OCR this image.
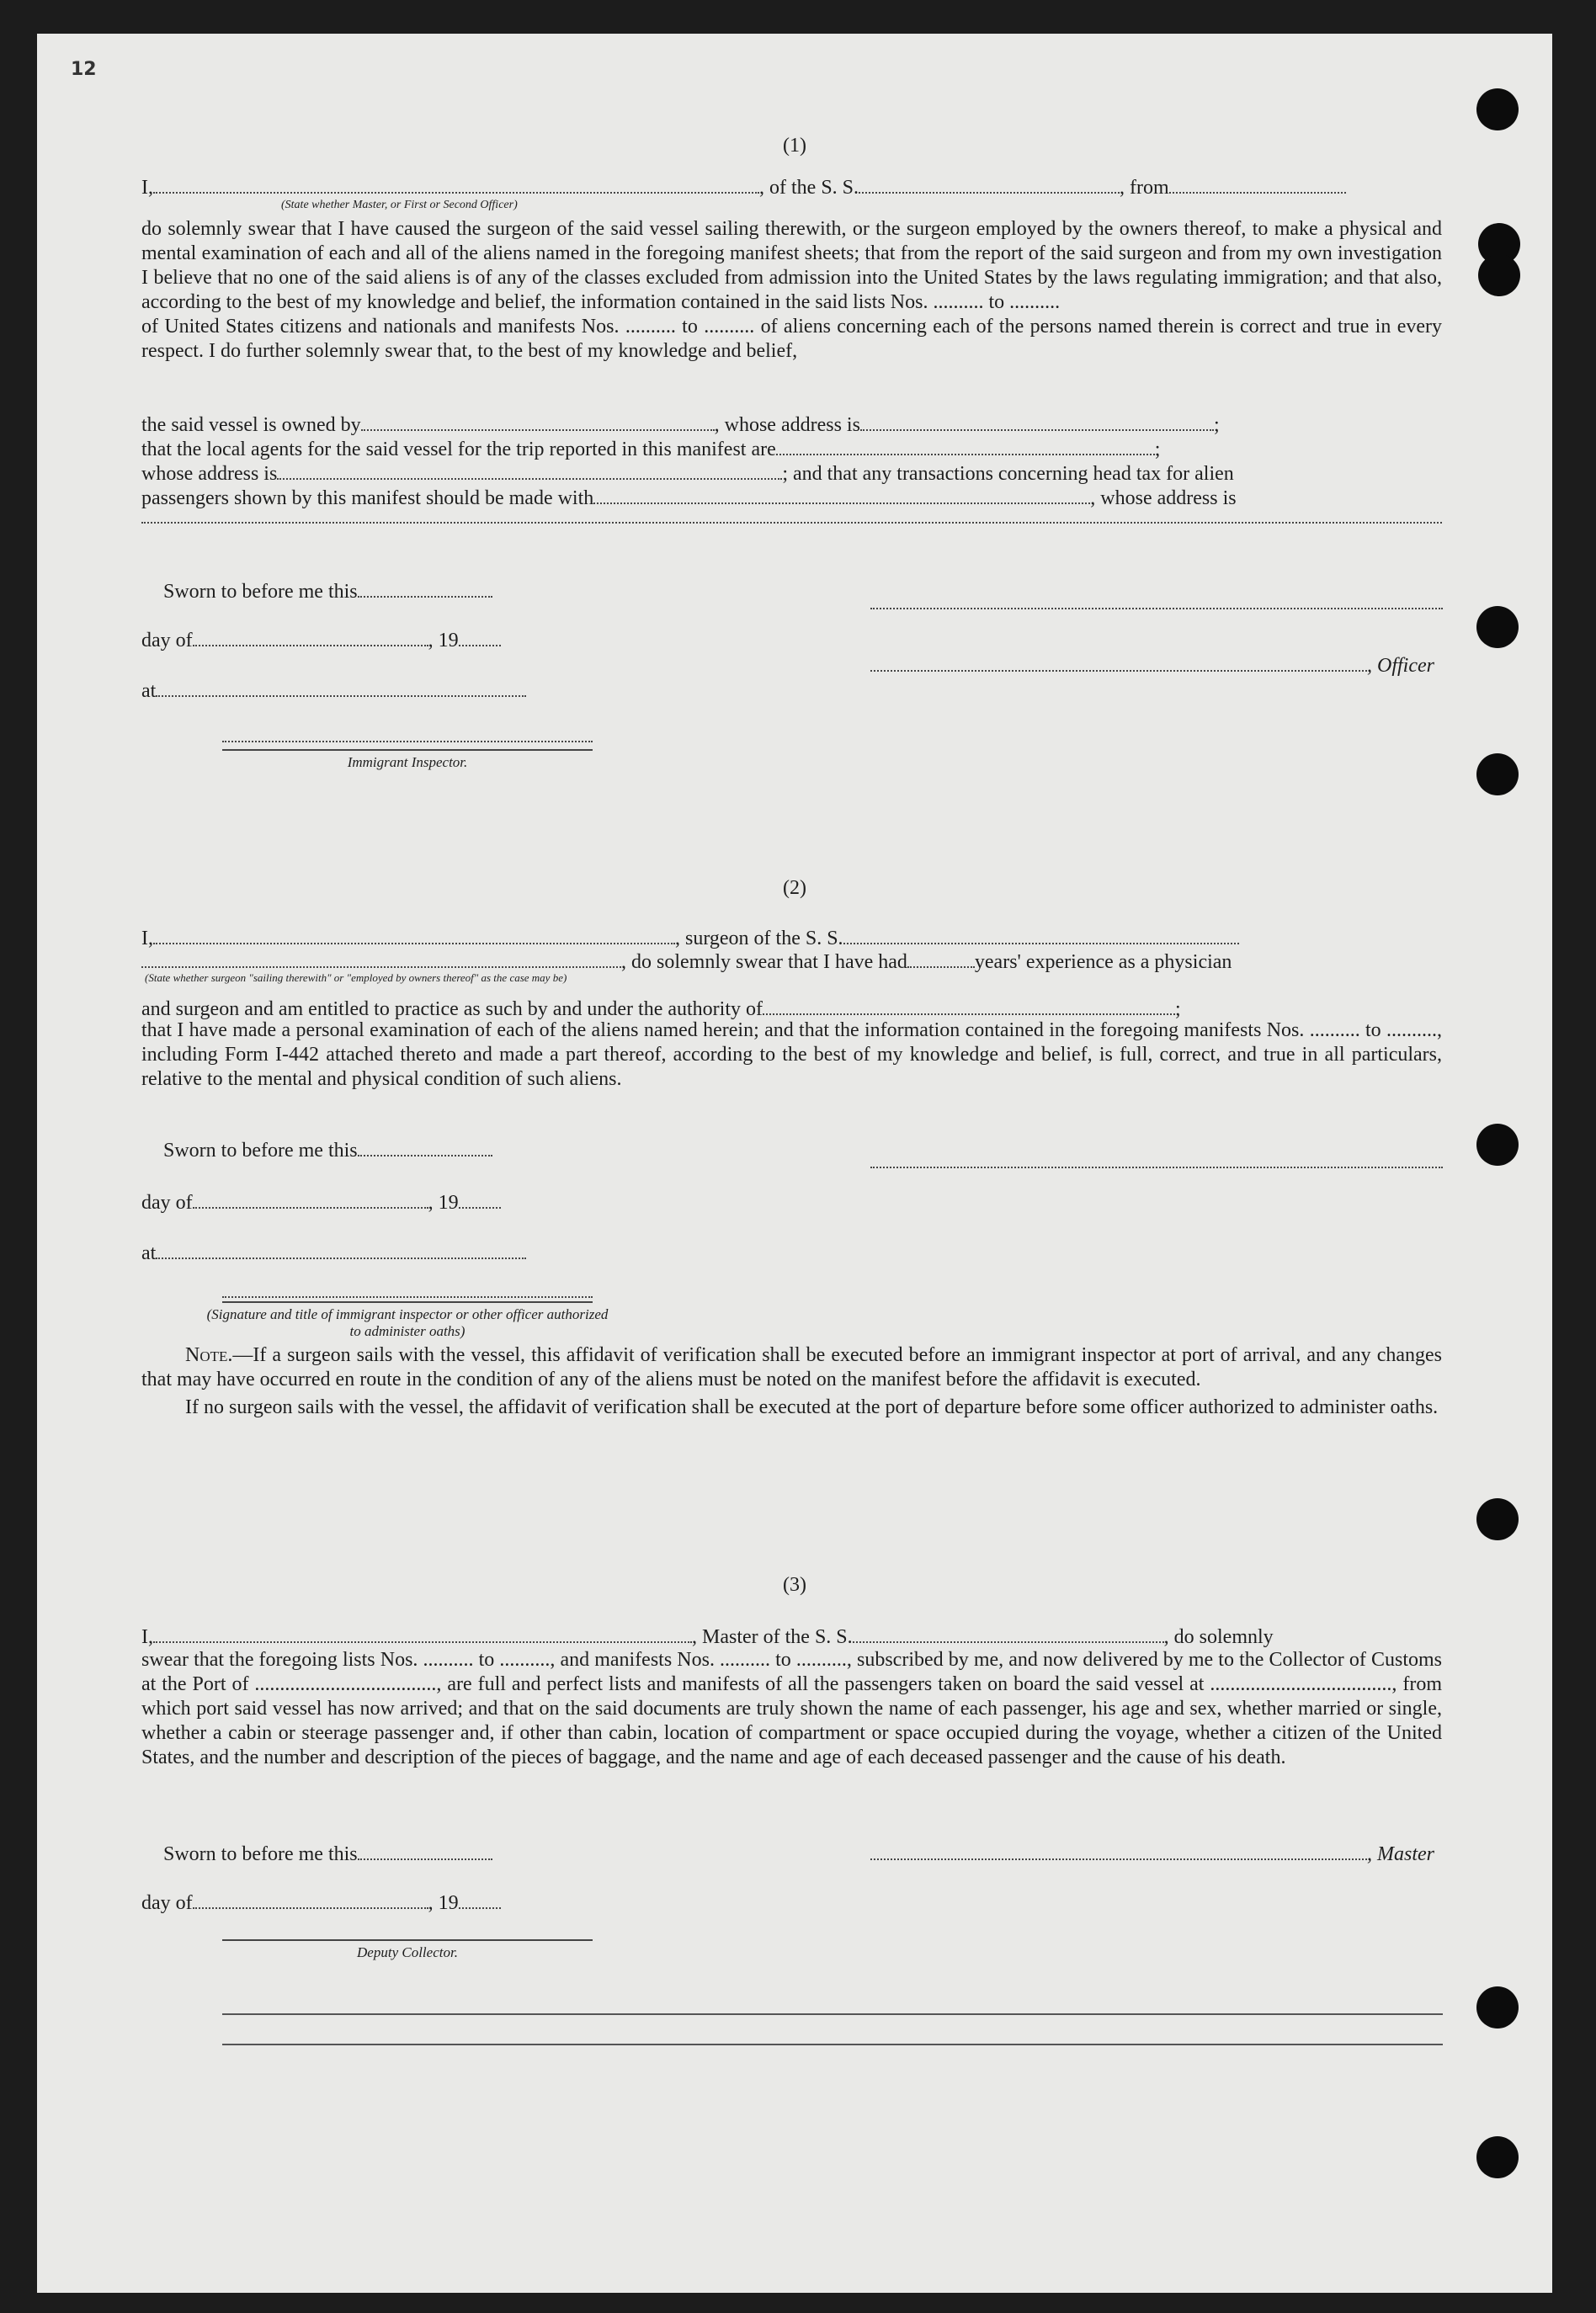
12
(1)
I,	, of the S. S.	, from
(State whether Master, or First or Second Officer)

do solemnly swear that I have caused the surgeon of the said vessel sailing therewith, or the surgeon employed by the owners thereof, to make a physical and mental examination of each and all of the aliens named in the foregoing manifest sheets; that from the report of the said surgeon and from my own investigation I believe that no one of the said aliens is of any of the classes excluded from admission into the United States by the laws regulating immigration; and that also, according to the best of my knowledge and belief, the information contained in the said lists Nos. .......... to ..........

of United States citizens and nationals and manifests Nos. .......... to .......... of aliens concerning each of the persons named therein is correct and true in every respect. I do further solemnly swear that, to the best of my knowledge and belief,

the said vessel is owned by	, whose address is	;
that the local agents for the said vessel for the trip reported in this manifest are	;
whose address is	; and that any transactions concerning head tax for alien
passengers shown by this manifest should be made with	, whose address is
Sworn to before me this
day of	, 19
, Officer
at
Immigrant Inspector.
(2)
I,	, surgeon of the S. S.
, do solemnly swear that I have had	years' experience as a physician
(State whether surgeon "sailing therewith" or "employed by owners thereof" as the case may be)
and surgeon and am entitled to practice as such by and under the authority of	;

that I have made a personal examination of each of the aliens named herein; and that the information contained in the foregoing manifests Nos. .......... to .........., including Form I-442 attached thereto and made a part thereof, according to the best of my knowledge and belief, is full, correct, and true in all particulars, relative to the mental and physical condition of such aliens.

Sworn to before me this
day of	, 19
at
(Signature and title of immigrant inspector or other officer authorized to administer oaths)

Note.—If a surgeon sails with the vessel, this affidavit of verification shall be executed before an immigrant inspector at port of arrival, and any changes that may have occurred en route in the condition of any of the aliens must be noted on the manifest before the affidavit is executed.

If no surgeon sails with the vessel, the affidavit of verification shall be executed at the port of departure before some officer authorized to administer oaths.

(3)
I,	, Master of the S. S.	, do solemnly

swear that the foregoing lists Nos. .......... to .........., and manifests Nos. .......... to .........., subscribed by me, and now delivered by me to the Collector of Customs at the Port of ...................................., are full and perfect lists and manifests of all the passengers taken on board the said vessel at ...................................., from which port said vessel has now arrived; and that on the said documents are truly shown the name of each passenger, his age and sex, whether married or single, whether a cabin or steerage passenger and, if other than cabin, location of compartment or space occupied during the voyage, whether a citizen of the United States, and the number and description of the pieces of baggage, and the name and age of each deceased passenger and the cause of his death.

Sworn to before me this	, Master
day of	, 19
Deputy Collector.
